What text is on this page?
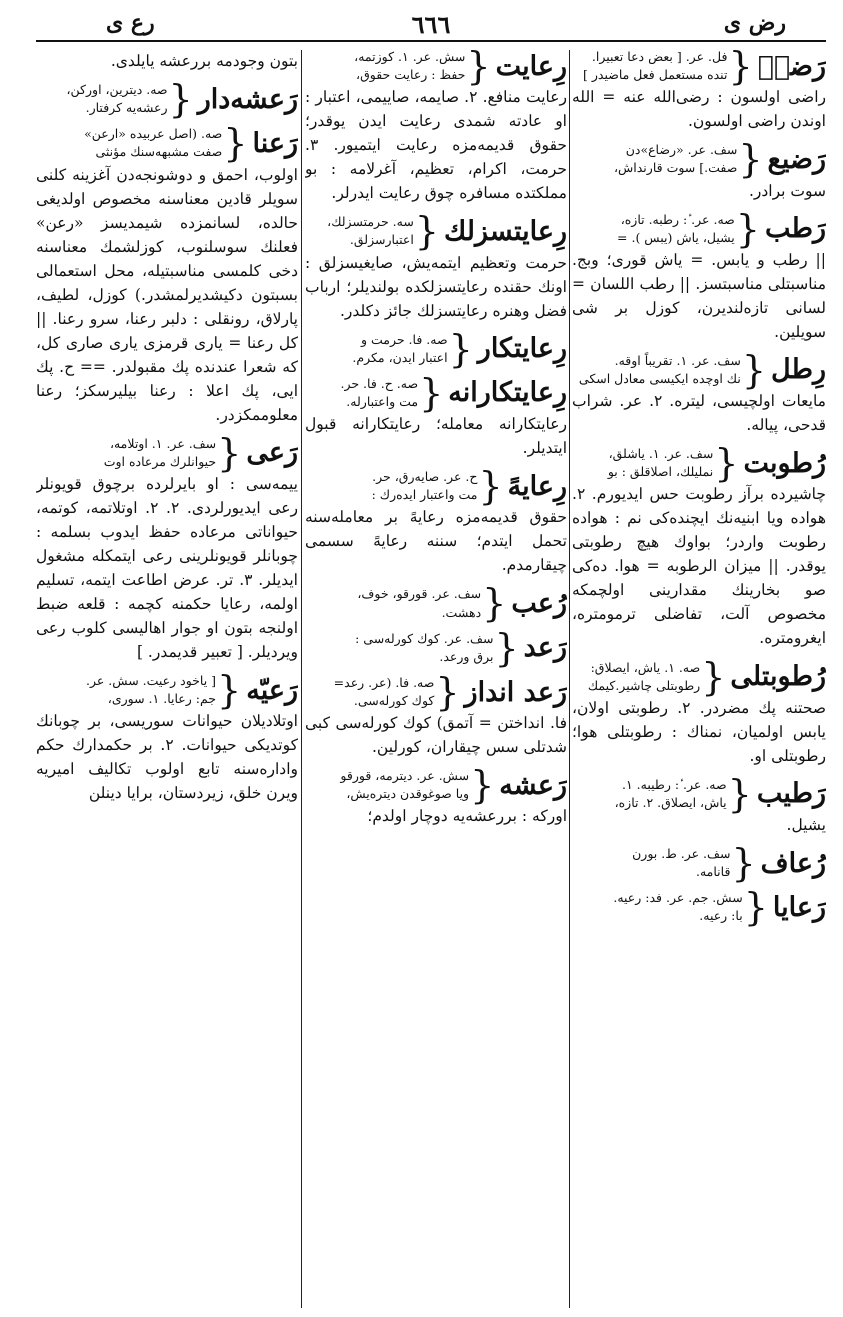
رض ی
٦٦٦
رع ی
رَضیٖ
{
فل. عر. [ بعض دعا تعبیرا.
تنده مستعمل فعل ماضیدر ]
راضی اولسون : رضی‌الله عنه = الله اوندن راضی اولسون.
رَضیع
{
سف. عر. «رضاع»دن
صفت.] سوت قارنداش،
سوت برادر.
رَطب
{
صه. عر. ٔ: رطبه. تازه،
یشیل، یاش (یبس ). =
|| رطب و یابس. = یاش قوری؛ وبج. مناسبتلی مناسبتسز. || رطب اللسان = لسانی تازه‌لندیرن، کوزل بر شی سویلین.
رِطل
{
سف. عر. ١. تقریباً اوقه.
نك اوچده ایکیسی معادل اسکی
مایعات اولچیسی، لیتره. ٢. عر. شراب قدحی، پیاله.
رُطوبت
{
سف. عر. ١. یاشلق،
نملیلك، اصلاقلق : بو
چاشیرده برآز رطوبت حس ایدیورم. ٢. هواده ویا ابنیه‌نك ایچنده‌کی نم : هواده رطوبت واردر؛ بواوك هیچ رطوبتی یوقدر. || میزان الرطوبه = هوا. ده‌کی صو بخارینك مقدارینی اولچمکه مخصوص آلت، تفاضلی ترمومتره، ایغرومتره.
رُطوبتلی
{
صه. ١. یاش، ایصلاق:
رطوبتلی چاشیر.کیمك
صحتنه پك مضردر. ٢. رطوبتی اولان، یابس اولمیان، نمناك : رطوبتلی هوا؛ رطوبتلی او.
رَطیب
{
صه. عر. ٔ: رطیبه. ١.
یاش، ایصلاق. ٢. تازه،
یشیل.
رُعاف
{
سف. عر. ط. بورن
قانامه.
رَعایا
{
سش. جم. عر. فد: رعیه.
با: رعیه.
رِعایت
{
سش. عر. ١. کوزتمه،
حفظ : رعایت حقوق،
رعایت منافع. ٢. صایمه، صاییمی، اعتبار : او عادته شمدی رعایت ایدن یوقدر؛ حقوق قدیمه‌مزه رعایت ایتمیور. ٣. حرمت، اکرام، تعظیم، آغرلامه : بو مملکتده مسافره چوق رعایت ایدرلر.
رِعایتسزلك
{
سه. حرمتسزلك،
اعتبارسزلق.
حرمت وتعظیم ایتمه‌یش، صایغیسزلق : اونك حقنده رعایتسزلکده بولندیلر؛ ارباب فضل وهنره رعایتسزلك جائز دکلدر.
رِعایتکار
{
صه. فا. حرمت و
اعتبار ایدن، مکرم.
رِعایتکارانه
{
صه. ح. فا. حر.
مت واعتبارله.
رعایتکارانه معامله؛ رعایتکارانه قبول ایتدیلر.
رِعایهً
{
ح. عر. صایه‌رق، حر.
مت واعتبار ایده‌رك :
حقوق قدیمه‌مزه رعایهً بر معاملەسنه تحمل ایتدم؛ سننه رعایهً سسمی چیقارمدم.
رُعب
{
سف. عر. قورقو، خوف،
دهشت.
رَعد
{
سف. عر. کوك کورله‌سی :
برق ورعد.
رَعد انداز
{
صه. فا. (عر. رعد=
کوك کورله‌سی.
فا. انداختن = آتمق) کوك کورله‌سی کبی شدتلی سس چیقاران، کورلین.
رَعشه
{
سش. عر. دیترمه، قورقو
ویا صوغوقدن دیتره‌یش،
اورکه : بررعشه‌یه دوچار اولدم؛
بتون وجودمه بررعشه یایلدی.
رَعشه‌دار
{
صه. دیترین، اورکن،
رعشه‌یه کرفتار.
رَعنا
{
صه. (اصل عربیده «ارعن»
صفت مشبهه‌سنك مؤنثی
اولوب، احمق و دوشونجه‌دن آغزینه کلنی سویلر قادین معناسنه مخصوص اولدیغی حالده، لسانمزده شیمدیسز «رعن» فعلنك سوسلنوب، کوزلشمك معناسنه دخی کلمسی مناسبتیله، محل استعمالی بسبتون دکیشدیرلمشدر.) کوزل، لطیف، پارلاق، رونقلی : دلبر رعنا، سرو رعنا. || کل رعنا = یاری قرمزی یاری صاری کل، که شعرا عندنده پك مقبولدر. == ح. پك ایی، پك اعلا : رعنا بیلیرسکز؛ رعنا معلوممکزدر.
رَعی
{
سف. عر. ١. اوتلامه،
حیوانلرك مرعاده اوت
ییمه‌سی : او بایرلرده برچوق قویونلر رعی ایدیورلردی. ٢. ٢. اوتلاتمه، کوتمه، حیواناتی مرعاده حفظ ایدوب بسلمه : چوبانلر قویونلرینی رعی ایتمکله مشغول ایدیلر. ٣. تر. عرض اطاعت ایتمه، تسلیم اولمه، رعایا حکمنه کچمه : قلعه ضبط اولنجه بتون او جوار اهالیسی کلوب رعی ویردیلر. [ تعبیر قدیمدر. ]
رَعیّه
{
[ یاخود رعیت. سش. عر.
جم: رعایا. ١. سوری،
اوتلادیلان حیوانات سوریسی، بر چوبانك کوتدیکی حیوانات. ٢. بر حکمدارك حکم وادارەسنه تابع اولوب تکالیف امیریه ویرن خلق، زیردستان، برایا دینلن
